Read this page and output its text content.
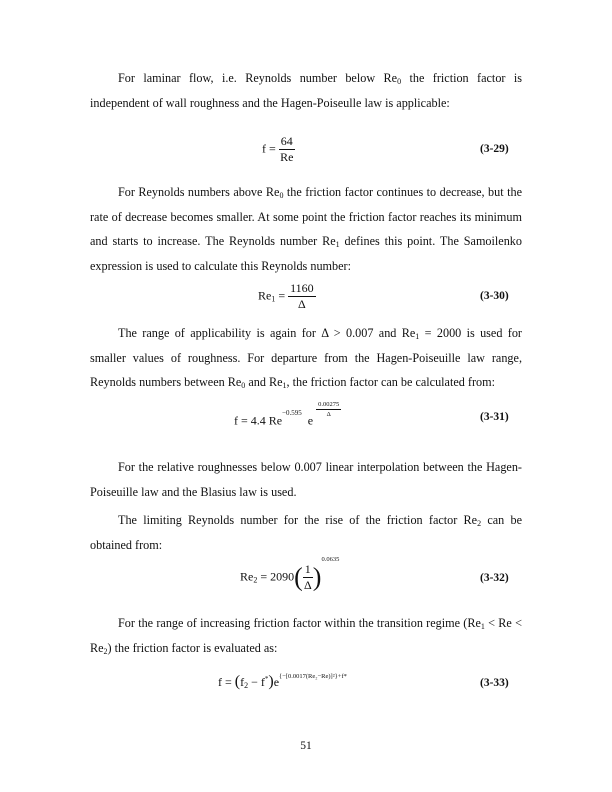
For laminar flow, i.e. Reynolds number below $Re_0$ the friction factor is independent of wall roughness and the Hagen-Poiseulle law is applicable:
$f = \frac{64}{Re}$	(3-29)
For Reynolds numbers above $Re_0$ the friction factor continues to decrease, but the rate of decrease becomes smaller. At some point the friction factor reaches its minimum and starts to increase. The Reynolds number $Re_1$ defines this point. The Samoilenko expression is used to calculate this Reynolds number:
$Re_1 = \frac{1160}{\Delta}$	(3-30)
The range of applicability is again for Δ > 0.007 and $Re_1 = 2000$ is used for smaller values of roughness. For departure from the Hagen-Poiseuille law range, Reynolds numbers between $Re_0$ and $Re_1$, the friction factor can be calculated from:
f = 4.4 $Re^{-0.595}$ e
$\frac{0.00275}{\Delta}$	(3-31)
For the relative roughnesses below 0.007 linear interpolation between the Hagen-Poiseuille law and the Blasius law is used.
The limiting Reynolds number for the rise of the friction factor $Re_2$ can be obtained from:
$Re_2 = 2090( \frac{1}{\Delta} )^{0.0635}$
(3-32)
For the range of increasing friction factor within the transition regime $(Re_1 < Re < Re_2)$ the friction factor is evaluated as:
$f = (f_2 - f^*)e^{\{-[0.0017(Re_2-Re)]^2\}+f*}$
(3-33)
51
